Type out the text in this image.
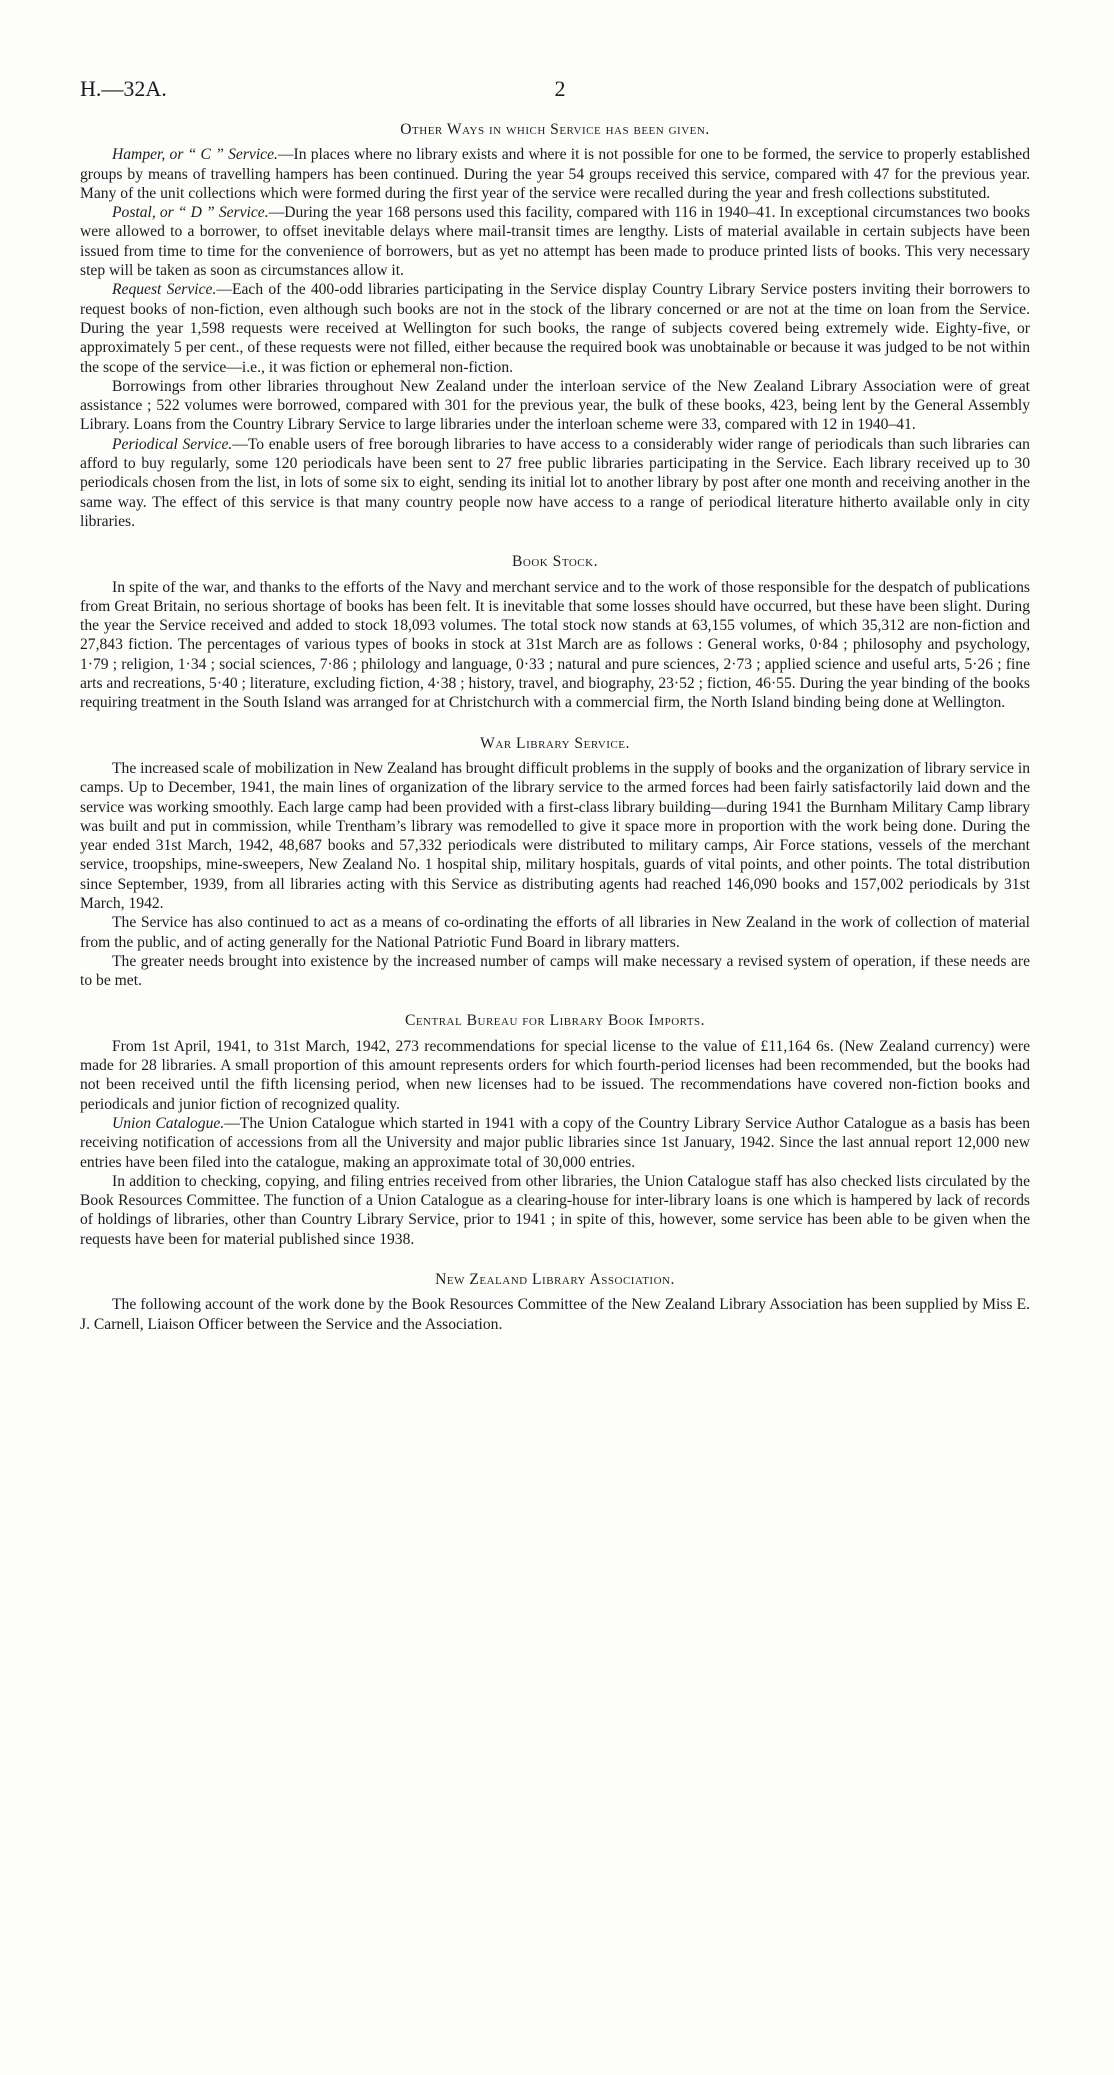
H.—32A.	2
Other Ways in which Service has been given.

Hamper, or “ C ” Service.—In places where no library exists and where it is not possible for one to be formed, the service to properly established groups by means of travelling hampers has been continued. During the year 54 groups received this service, compared with 47 for the previous year. Many of the unit collections which were formed during the first year of the service were recalled during the year and fresh collections substituted.

Postal, or “ D ” Service.—During the year 168 persons used this facility, compared with 116 in 1940–41. In exceptional circumstances two books were allowed to a borrower, to offset inevitable delays where mail-transit times are lengthy. Lists of material available in certain subjects have been issued from time to time for the convenience of borrowers, but as yet no attempt has been made to produce printed lists of books. This very necessary step will be taken as soon as circumstances allow it.

Request Service.—Each of the 400-odd libraries participating in the Service display Country Library Service posters inviting their borrowers to request books of non-fiction, even although such books are not in the stock of the library concerned or are not at the time on loan from the Service. During the year 1,598 requests were received at Wellington for such books, the range of subjects covered being extremely wide. Eighty-five, or approximately 5 per cent., of these requests were not filled, either because the required book was unobtainable or because it was judged to be not within the scope of the service—i.e., it was fiction or ephemeral non-fiction.

Borrowings from other libraries throughout New Zealand under the interloan service of the New Zealand Library Association were of great assistance ; 522 volumes were borrowed, compared with 301 for the previous year, the bulk of these books, 423, being lent by the General Assembly Library. Loans from the Country Library Service to large libraries under the interloan scheme were 33, compared with 12 in 1940–41.

Periodical Service.—To enable users of free borough libraries to have access to a considerably wider range of periodicals than such libraries can afford to buy regularly, some 120 periodicals have been sent to 27 free public libraries participating in the Service. Each library received up to 30 periodicals chosen from the list, in lots of some six to eight, sending its initial lot to another library by post after one month and receiving another in the same way. The effect of this service is that many country people now have access to a range of periodical literature hitherto available only in city libraries.

Book Stock.

In spite of the war, and thanks to the efforts of the Navy and merchant service and to the work of those responsible for the despatch of publications from Great Britain, no serious shortage of books has been felt. It is inevitable that some losses should have occurred, but these have been slight. During the year the Service received and added to stock 18,093 volumes. The total stock now stands at 63,155 volumes, of which 35,312 are non-fiction and 27,843 fiction. The percentages of various types of books in stock at 31st March are as follows : General works, 0·84 ; philosophy and psychology, 1·79 ; religion, 1·34 ; social sciences, 7·86 ; philology and language, 0·33 ; natural and pure sciences, 2·73 ; applied science and useful arts, 5·26 ; fine arts and recreations, 5·40 ; literature, excluding fiction, 4·38 ; history, travel, and biography, 23·52 ; fiction, 46·55. During the year binding of the books requiring treatment in the South Island was arranged for at Christchurch with a commercial firm, the North Island binding being done at Wellington.

War Library Service.

The increased scale of mobilization in New Zealand has brought difficult problems in the supply of books and the organization of library service in camps. Up to December, 1941, the main lines of organization of the library service to the armed forces had been fairly satisfactorily laid down and the service was working smoothly. Each large camp had been provided with a first-class library building—during 1941 the Burnham Military Camp library was built and put in commission, while Trentham’s library was remodelled to give it space more in proportion with the work being done. During the year ended 31st March, 1942, 48,687 books and 57,332 periodicals were distributed to military camps, Air Force stations, vessels of the merchant service, troopships, mine-sweepers, New Zealand No. 1 hospital ship, military hospitals, guards of vital points, and other points. The total distribution since September, 1939, from all libraries acting with this Service as distributing agents had reached 146,090 books and 157,002 periodicals by 31st March, 1942.

The Service has also continued to act as a means of co-ordinating the efforts of all libraries in New Zealand in the work of collection of material from the public, and of acting generally for the National Patriotic Fund Board in library matters.

The greater needs brought into existence by the increased number of camps will make necessary a revised system of operation, if these needs are to be met.

Central Bureau for Library Book Imports.

From 1st April, 1941, to 31st March, 1942, 273 recommendations for special license to the value of £11,164 6s. (New Zealand currency) were made for 28 libraries. A small proportion of this amount represents orders for which fourth-period licenses had been recommended, but the books had not been received until the fifth licensing period, when new licenses had to be issued. The recommendations have covered non-fiction books and periodicals and junior fiction of recognized quality.

Union Catalogue.—The Union Catalogue which started in 1941 with a copy of the Country Library Service Author Catalogue as a basis has been receiving notification of accessions from all the University and major public libraries since 1st January, 1942. Since the last annual report 12,000 new entries have been filed into the catalogue, making an approximate total of 30,000 entries.

In addition to checking, copying, and filing entries received from other libraries, the Union Catalogue staff has also checked lists circulated by the Book Resources Committee. The function of a Union Catalogue as a clearing-house for inter-library loans is one which is hampered by lack of records of holdings of libraries, other than Country Library Service, prior to 1941 ; in spite of this, however, some service has been able to be given when the requests have been for material published since 1938.

New Zealand Library Association.

The following account of the work done by the Book Resources Committee of the New Zealand Library Association has been supplied by Miss E. J. Carnell, Liaison Officer between the Service and the Association.
